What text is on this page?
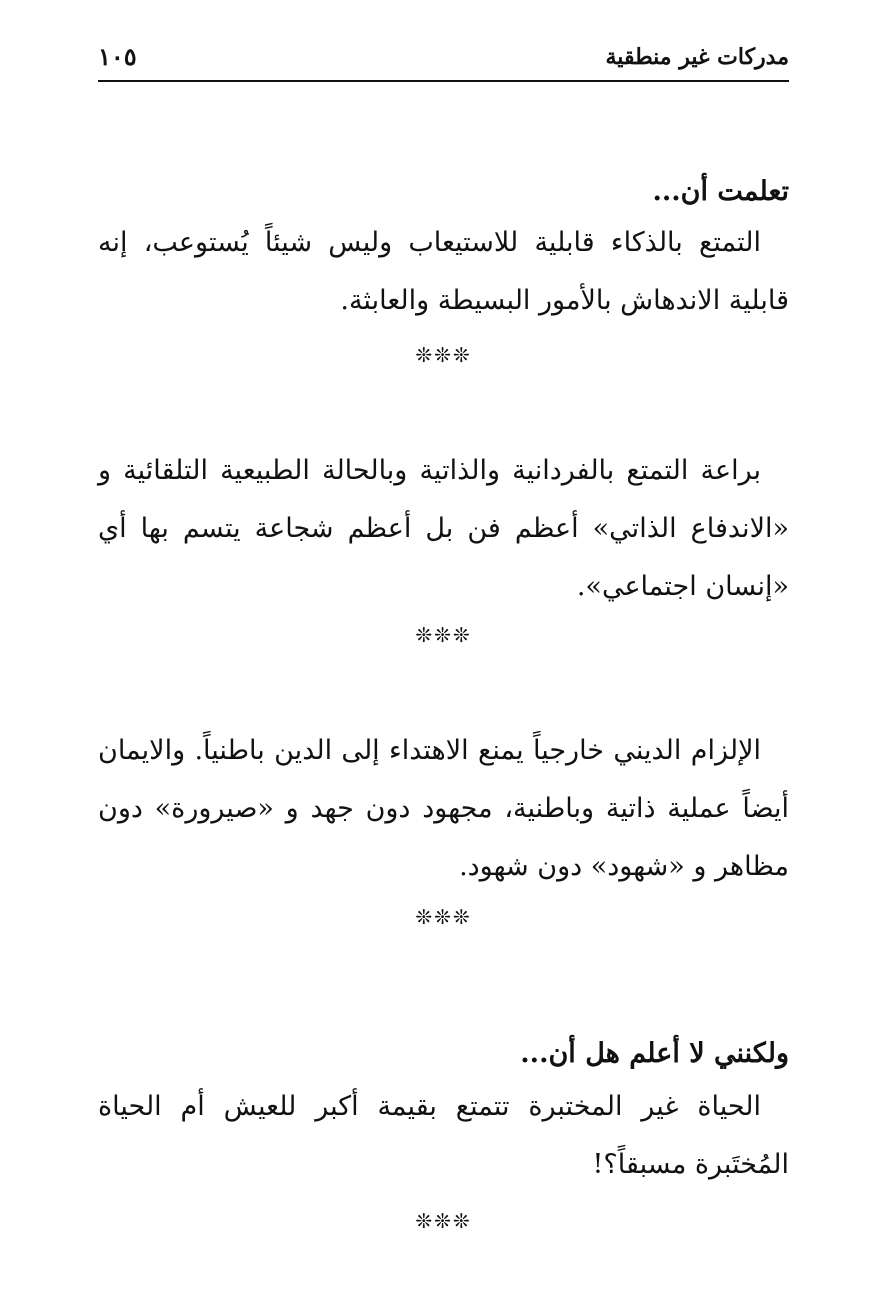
مدركات غير منطقية
١٠٥
تعلمت أن...
التمتع بالذكاء قابلية للاستيعاب وليس شيئاً يُستوعب، إنه قابلية الاندهاش بالأمور البسيطة والعابثة.
❊❊❊
براعة التمتع بالفردانية والذاتية وبالحالة الطبيعية التلقائية و «الاندفاع الذاتي» أعظم فن بل أعظم شجاعة يتسم بها أي «إنسان اجتماعي».
❊❊❊
الإلزام الديني خارجياً يمنع الاهتداء إلى الدين باطنياً. والايمان أيضاً عملية ذاتية وباطنية، مجهود دون جهد و «صيرورة» دون مظاهر و «شهود» دون شهود.
❊❊❊
ولكنني لا أعلم هل أن...
الحياة غير المختبرة تتمتع بقيمة أكبر للعيش أم الحياة المُختَبرة مسبقاً؟!
❊❊❊
